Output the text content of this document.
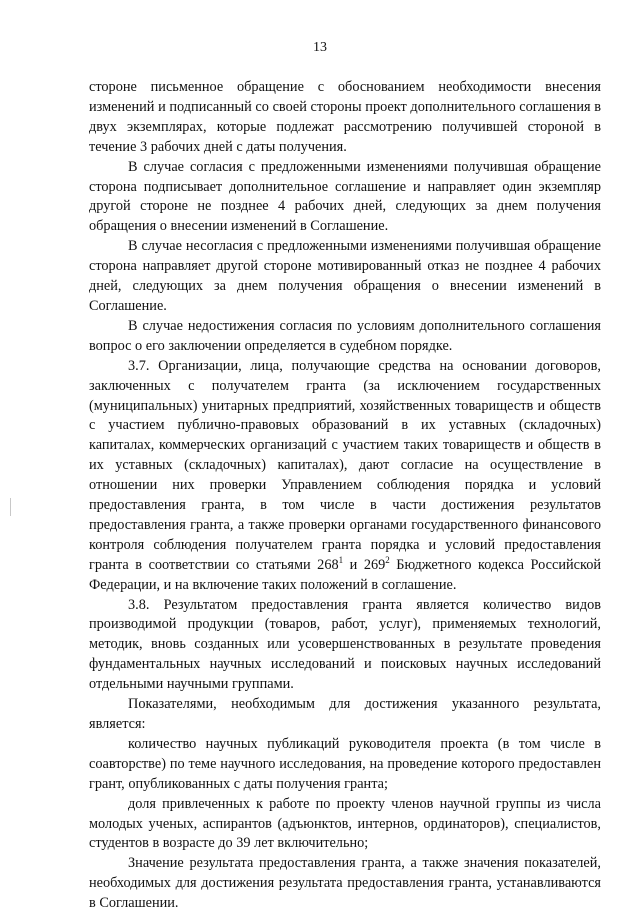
13

стороне письменное обращение с обоснованием необходимости внесения изменений и подписанный со своей стороны проект дополнительного соглашения в двух экземплярах, которые подлежат рассмотрению получившей стороной в течение 3 рабочих дней с даты получения.

В случае согласия с предложенными изменениями получившая обращение сторона подписывает дополнительное соглашение и направляет один экземпляр другой стороне не позднее 4 рабочих дней, следующих за днем получения обращения о внесении изменений в Соглашение.

В случае несогласия с предложенными изменениями получившая обращение сторона направляет другой стороне мотивированный отказ не позднее 4 рабочих дней, следующих за днем получения обращения о внесении изменений в Соглашение.

В случае недостижения согласия по условиям дополнительного соглашения вопрос о его заключении определяется в судебном порядке.

3.7. Организации, лица, получающие средства на основании договоров, заключенных с получателем гранта (за исключением государственных (муниципальных) унитарных предприятий, хозяйственных товариществ и обществ с участием публично-правовых образований в их уставных (складочных) капиталах, коммерческих организаций с участием таких товариществ и обществ в их уставных (складочных) капиталах), дают согласие на осуществление в отношении них проверки Управлением соблюдения порядка и условий предоставления гранта, в том числе в части достижения результатов предоставления гранта, а также проверки органами государственного финансового контроля соблюдения получателем гранта порядка и условий предоставления гранта в соответствии со статьями $268^1$ и $269^2$ Бюджетного кодекса Российской Федерации, и на включение таких положений в соглашение.

3.8. Результатом предоставления гранта является количество видов производимой продукции (товаров, работ, услуг), применяемых технологий, методик, вновь созданных или усовершенствованных в результате проведения фундаментальных научных исследований и поисковых научных исследований отдельными научными группами.

Показателями, необходимым для достижения указанного результата, является:

количество научных публикаций руководителя проекта (в том числе в соавторстве) по теме научного исследования, на проведение которого предоставлен грант, опубликованных с даты получения гранта;

доля привлеченных к работе по проекту членов научной группы из числа молодых ученых, аспирантов (адъюнктов, интернов, ординаторов), специалистов, студентов в возрасте до 39 лет включительно;

Значение результата предоставления гранта, а также значения показателей, необходимых для достижения результата предоставления гранта, устанавливаются в Соглашении.
